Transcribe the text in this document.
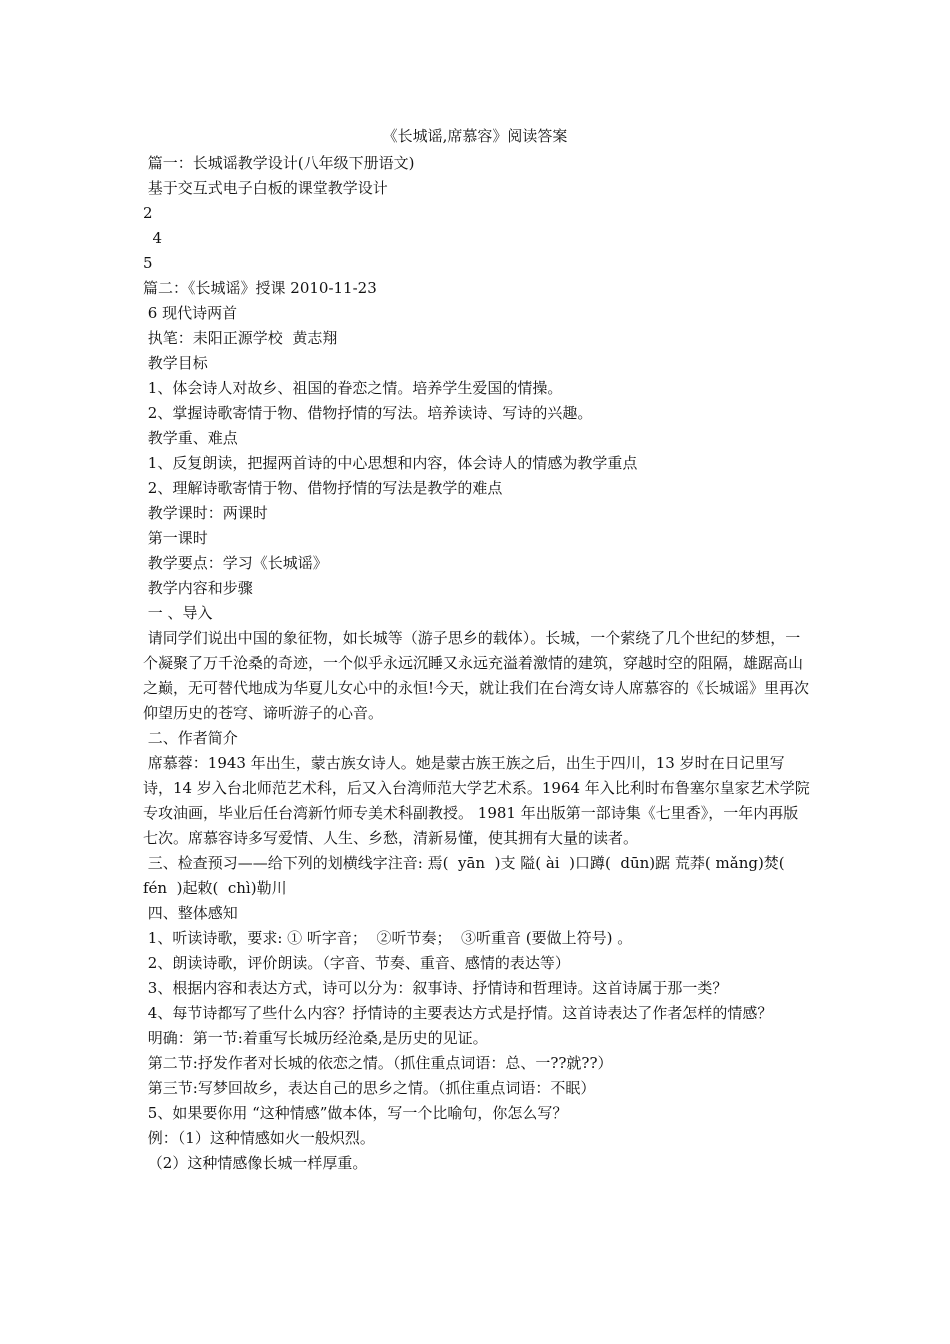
《长城谣,席慕容》阅读答案

篇一：长城谣教学设计(八年级下册语文)

基于交互式电子白板的课堂教学设计

2

4

5

篇二：《长城谣》授课 2010-11-23

6 现代诗两首

执笔：耒阳正源学校  黄志翔

教学目标

1、体会诗人对故乡、祖国的眷恋之情。培养学生爱国的情操。

2、掌握诗歌寄情于物、借物抒情的写法。培养读诗、写诗的兴趣。

教学重、难点

1、反复朗读，把握两首诗的中心思想和内容，体会诗人的情感为教学重点

2、理解诗歌寄情于物、借物抒情的写法是教学的难点

教学课时：两课时

第一课时

教学要点：学习《长城谣》

教学内容和步骤

一 、导入

请同学们说出中国的象征物，如长城等（游子思乡的载体）。长城，一个萦绕了几个世纪的梦想，一个凝聚了万千沧桑的奇迹，一个似乎永远沉睡又永远充溢着激情的建筑，穿越时空的阻隔，雄踞高山之巅，无可替代地成为华夏儿女心中的永恒!今天，就让我们在台湾女诗人席慕容的《长城谣》里再次仰望历史的苍穹、谛听游子的心音。

二、作者简介

席慕蓉：1943 年出生，蒙古族女诗人。她是蒙古族王族之后，出生于四川，13 岁时在日记里写诗，14 岁入台北师范艺术科，后又入台湾师范大学艺术系。1964 年入比利时布鲁塞尔皇家艺术学院专攻油画，毕业后任台湾新竹师专美术科副教授。 1981 年出版第一部诗集《七里香》，一年内再版七次。席慕容诗多写爱情、人生、乡愁，清新易懂，使其拥有大量的读者。

三、检查预习——给下列的划横线字注音: 焉(  yān  )支 隘( ài  )口蹲(  dūn)踞 荒莽( mǎng)焚( fén  )起敕(  chì)勒川

四、整体感知

1、听读诗歌，要求: ① 听字音；  ②听节奏；  ③听重音 (要做上符号) 。

2、朗读诗歌，评价朗读。（字音、节奏、重音、感情的表达等）

3、根据内容和表达方式，诗可以分为：叙事诗、抒情诗和哲理诗。这首诗属于那一类？

4、每节诗都写了些什么内容？抒情诗的主要表达方式是抒情。这首诗表达了作者怎样的情感？

明确：第一节:着重写长城历经沧桑,是历史的见证。

第二节:抒发作者对长城的依恋之情。（抓住重点词语：总、一??就??）

第三节:写梦回故乡，表达自己的思乡之情。（抓住重点词语：不眠）

5、如果要你用 “这种情感”做本体，写一个比喻句，你怎么写？

例：（1）这种情感如火一般炽烈。

（2）这种情感像长城一样厚重。
